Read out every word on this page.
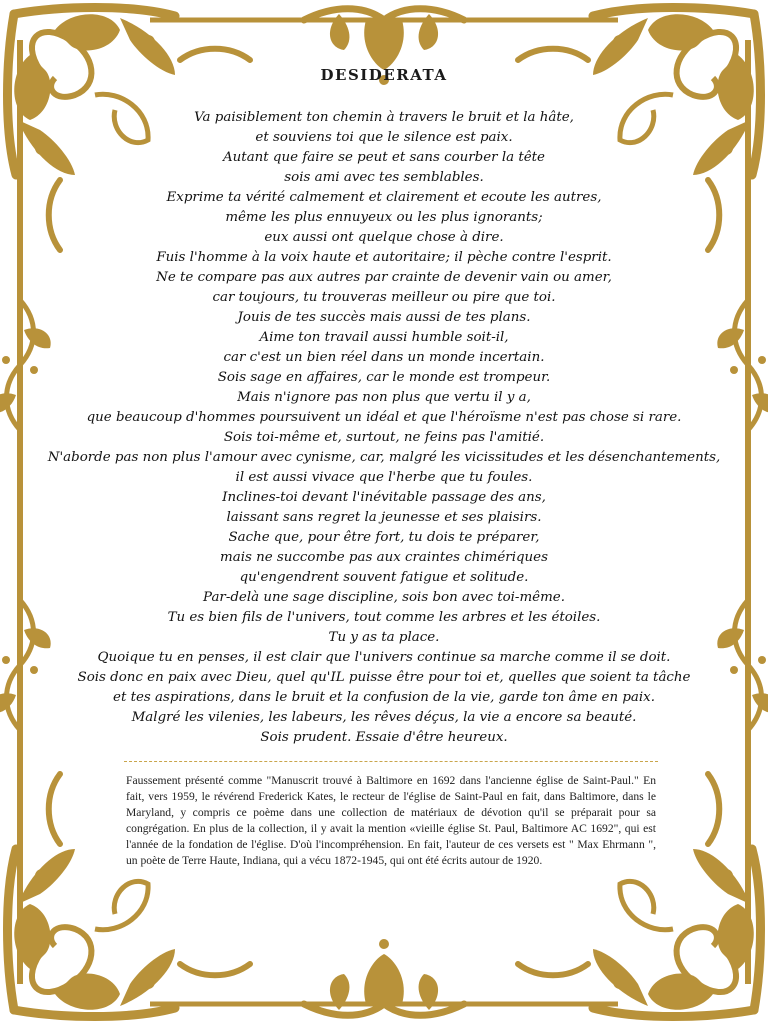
DESIDERATA
Va paisiblement ton chemin à travers le bruit et la hâte,
et souviens toi que le silence est paix.
Autant que faire se peut et sans courber la tête
sois ami avec tes semblables.
Exprime ta vérité calmement et clairement et ecoute les autres,
même les plus ennuyeux ou les plus ignorants;
eux aussi ont quelque chose à dire.
Fuis l'homme à la voix haute et autoritaire; il pèche contre l'esprit.
Ne te compare pas aux autres par crainte de devenir vain ou amer,
car toujours, tu trouveras meilleur ou pire que toi.
Jouis de tes succès mais aussi de tes plans.
Aime ton travail aussi humble soit-il,
car c'est un bien réel dans un monde incertain.
Sois sage en affaires, car le monde est trompeur.
Mais n'ignore pas non plus que vertu il y a,
que beaucoup d'hommes poursuivent un idéal et que l'héroïsme n'est pas chose si rare.
Sois toi-même et, surtout, ne feins pas l'amitié.
N'aborde pas non plus l'amour avec cynisme, car, malgré les vicissitudes et les désenchantements,
il est aussi vivace que l'herbe que tu foules.
Inclines-toi devant l'inévitable passage des ans,
laissant sans regret la jeunesse et ses plaisirs.
Sache que, pour être fort, tu dois te préparer,
mais ne succombe pas aux craintes chimériques
qu'engendrent souvent fatigue et solitude.
Par-delà une sage discipline, sois bon avec toi-même.
Tu es bien fils de l'univers, tout comme les arbres et les étoiles.
Tu y as ta place.
Quoique tu en penses, il est clair que l'univers continue sa marche comme il se doit.
Sois donc en paix avec Dieu, quel qu'IL puisse être pour toi et, quelles que soient ta tâche
et tes aspirations, dans le bruit et la confusion de la vie, garde ton âme en paix.
Malgré les vilenies, les labeurs, les rêves déçus, la vie a encore sa beauté.
Sois prudent. Essaie d'être heureux.
Faussement présenté comme "Manuscrit trouvé à Baltimore en 1692 dans l'ancienne église de Saint-Paul." En fait, vers 1959, le révérend Frederick Kates, le recteur de l'église de Saint-Paul en fait, dans Baltimore, dans le Maryland, y compris ce poème dans une collection de matériaux de dévotion qu'il se préparait pour sa congrégation. En plus de la collection, il y avait la mention «vieille église St. Paul, Baltimore AC 1692", qui est l'année de la fondation de l'église. D'où l'incompréhension. En fait, l'auteur de ces versets est " Max Ehrmann ", un poète de Terre Haute, Indiana, qui a vécu 1872-1945, qui ont été écrits autour de 1920.
